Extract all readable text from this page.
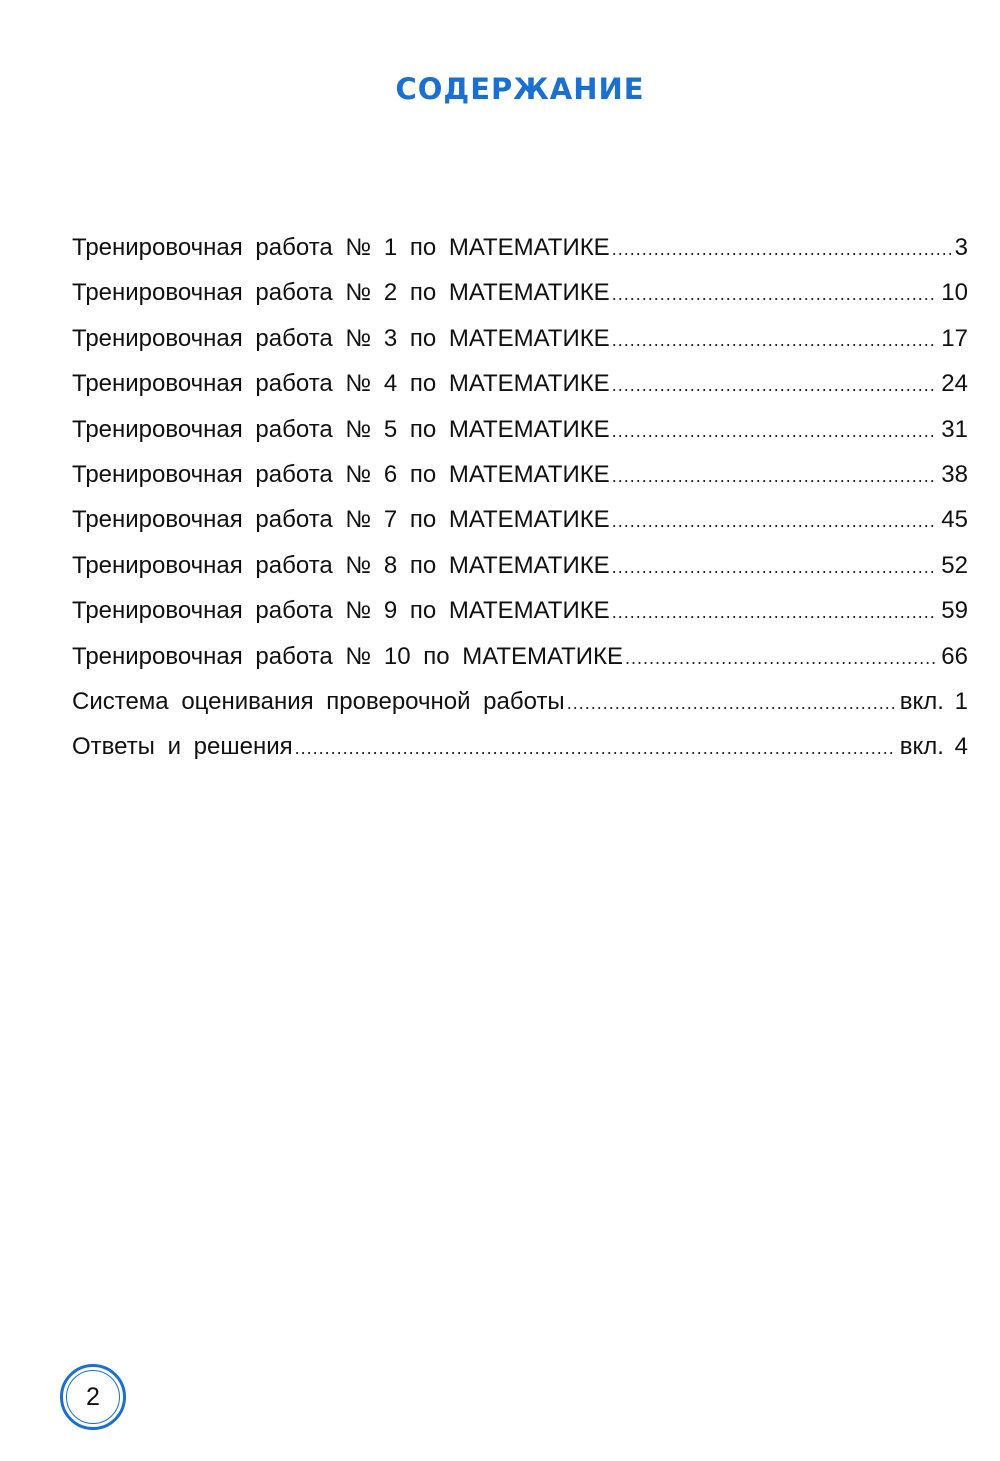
СОДЕРЖАНИЕ
Тренировочная работа № 1 по МАТЕМАТИКЕ .....	3
Тренировочная работа № 2 по МАТЕМАТИКЕ .....	10
Тренировочная работа № 3 по МАТЕМАТИКЕ .....	17
Тренировочная работа № 4 по МАТЕМАТИКЕ .....	24
Тренировочная работа № 5 по МАТЕМАТИКЕ .....	31
Тренировочная работа № 6 по МАТЕМАТИКЕ .....	38
Тренировочная работа № 7 по МАТЕМАТИКЕ .....	45
Тренировочная работа № 8 по МАТЕМАТИКЕ .....	52
Тренировочная работа № 9 по МАТЕМАТИКЕ .....	59
Тренировочная работа № 10 по МАТЕМАТИКЕ .....	66
Система оценивания проверочной работы .....	вкл. 1
Ответы и решения .....	вкл. 4
2
